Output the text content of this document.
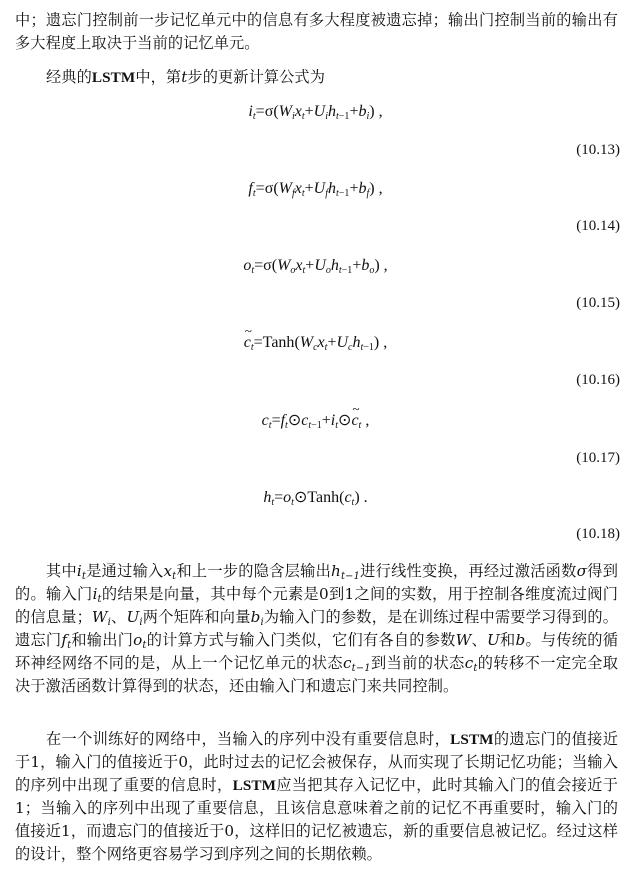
中；遗忘门控制前一步记忆单元中的信息有多大程度被遗忘掉；输出门控制当前的输出有多大程度上取决于当前的记忆单元。

经典的LSTM中，第t步的更新计算公式为

$i_t=\sigma(W_ix_t+U_ih_{t-1}+b_i)$ ,
(10.13)
$f_t=\sigma(W_fx_t+U_fh_{t-1}+b_f)$ ,
(10.14)
$o_t=\sigma(W_ox_t+U_oh_{t-1}+b_o)$ ,
(10.15)
~ $c_t=Tanh(W_cx_t+U_ch_{t-1})$ ,
(10.16)
$c_t=f_t⊙c_{t-1}+i_t⊙\sim$ $c_t$ ,
(10.17)
$h_t=o_t⊙Tanh(c_t)$ .
(10.18)

其中$i_t$是通过输入$x_t$和上一步的隐含层输出$h_{t-1}$进行线性变换，再经过激活函数σ得到的。输入门$i_t$的结果是向量，其中每个元素是0到1之间的实数，用于控制各维度流过阀门的信息量；$W_i$、$U_i$两个矩阵和向量$b_i$为输入门的参数，是在训练过程中需要学习得到的。遗忘门$f_t$和输出门$o_t$的计算方式与输入门类似，它们有各自的参数W、U和b。与传统的循环神经网络不同的是，从上一个记忆单元的状态$c_{t-1}$到当前的状态$c_t$的转移不一定完全取决于激活函数计算得到的状态，还由输入门和遗忘门来共同控制。

在一个训练好的网络中，当输入的序列中没有重要信息时，LSTM的遗忘门的值接近于1，输入门的值接近于0，此时过去的记忆会被保存，从而实现了长期记忆功能；当输入的序列中出现了重要的信息时，LSTM应当把其存入记忆中，此时其输入门的值会接近于1；当输入的序列中出现了重要信息，且该信息意味着之前的记忆不再重要时，输入门的值接近1，而遗忘门的值接近于0，这样旧的记忆被遗忘，新的重要信息被记忆。经过这样的设计，整个网络更容易学习到序列之间的长期依赖。
